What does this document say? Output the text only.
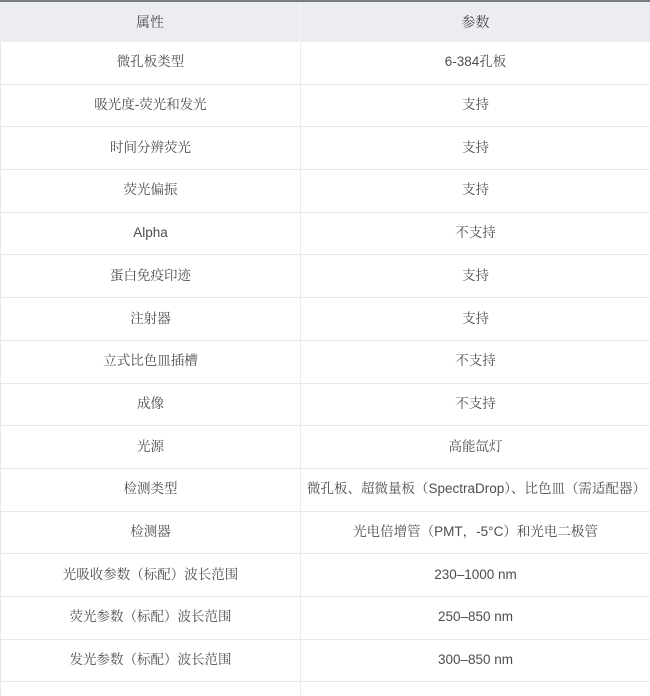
属性	参数
微孔板类型	6-384孔板
吸光度-荧光和发光	支持
时间分辨荧光	支持
荧光偏振	支持
Alpha	不支持
蛋白免疫印迹	支持
注射器	支持
立式比色皿插槽	不支持
成像	不支持
光源	高能氙灯
检测类型	微孔板、超微量板（SpectraDrop）、比色皿（需适配器）
检测器	光电倍增管（PMT，-5°C）和光电二极管
光吸收参数（标配）波长范围	230–1000 nm
荧光参数（标配）波长范围	250–850 nm
发光参数（标配）波长范围	300–850 nm
